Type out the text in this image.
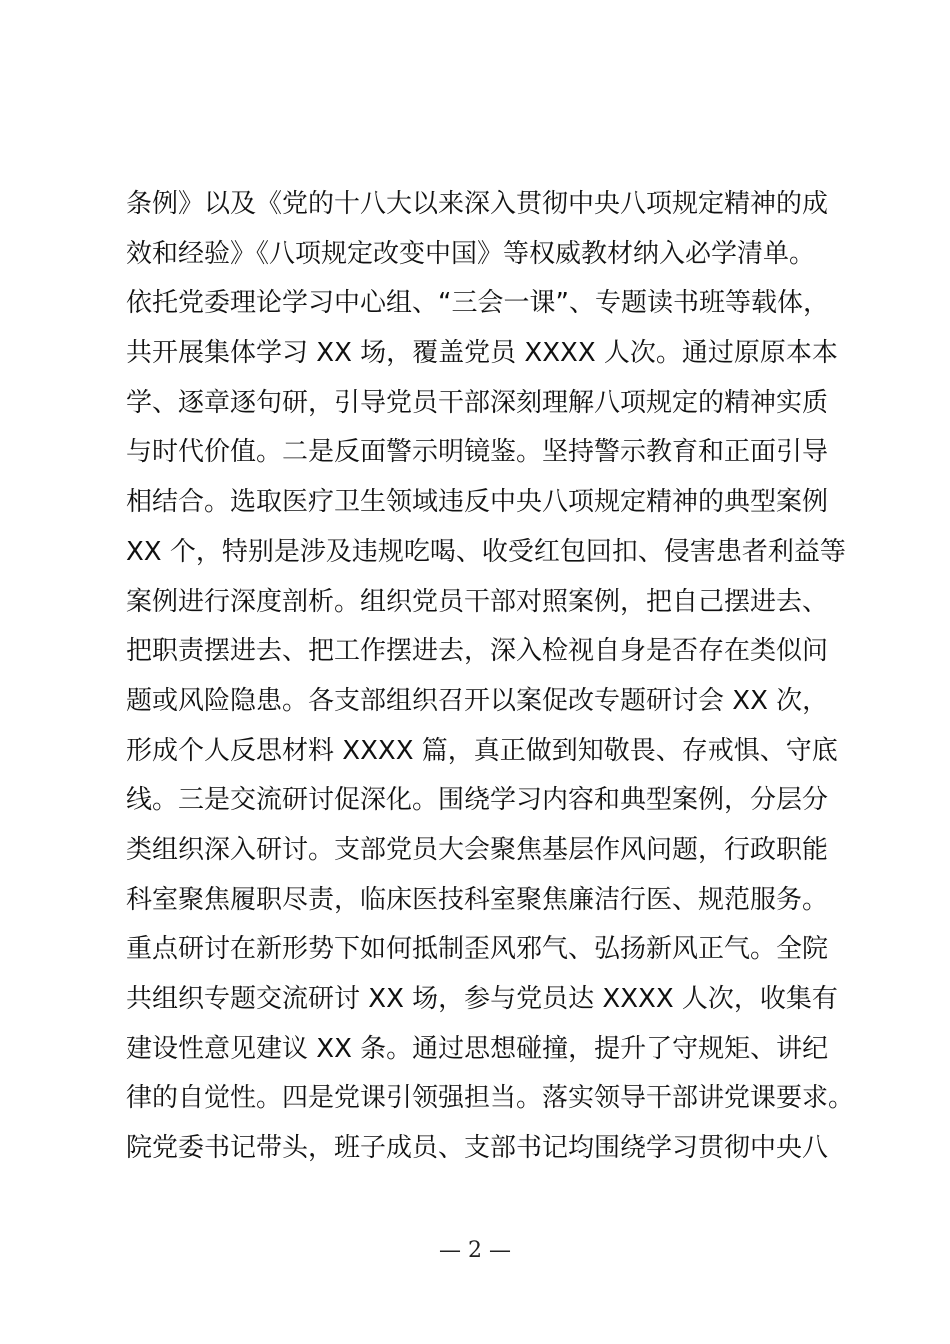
条例》以及《党的十八大以来深入贯彻中央八项规定精神的成
效和经验》《八项规定改变中国》等权威教材纳入必学清单。
依托党委理论学习中心组、“三会一课”、专题读书班等载体，
共开展集体学习 XX 场，覆盖党员 XXXX 人次。通过原原本本
学、逐章逐句研，引导党员干部深刻理解八项规定的精神实质
与时代价值。二是反面警示明镜鉴。坚持警示教育和正面引导
相结合。选取医疗卫生领域违反中央八项规定精神的典型案例
XX 个，特别是涉及违规吃喝、收受红包回扣、侵害患者利益等
案例进行深度剖析。组织党员干部对照案例，把自己摆进去、
把职责摆进去、把工作摆进去，深入检视自身是否存在类似问
题或风险隐患。各支部组织召开以案促改专题研讨会 XX 次，
形成个人反思材料 XXXX 篇，真正做到知敬畏、存戒惧、守底
线。三是交流研讨促深化。围绕学习内容和典型案例，分层分
类组织深入研讨。支部党员大会聚焦基层作风问题，行政职能
科室聚焦履职尽责，临床医技科室聚焦廉洁行医、规范服务。
重点研讨在新形势下如何抵制歪风邪气、弘扬新风正气。全院
共组织专题交流研讨 XX 场，参与党员达 XXXX 人次，收集有
建设性意见建议 XX 条。通过思想碰撞，提升了守规矩、讲纪
律的自觉性。四是党课引领强担当。落实领导干部讲党课要求。
院党委书记带头，班子成员、支部书记均围绕学习贯彻中央八
— 2 —
